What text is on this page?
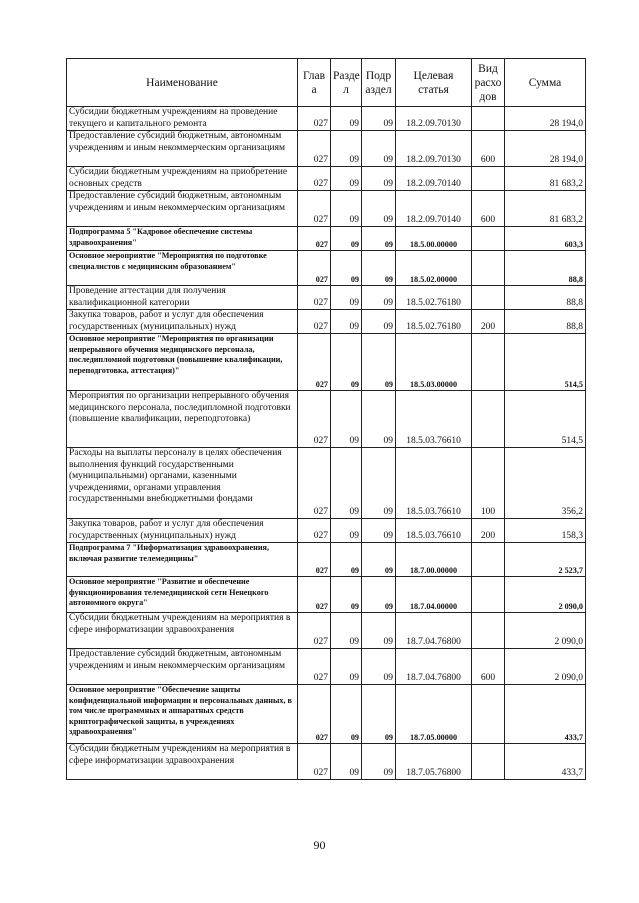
Наименование	Глав а	Разде л	Подр аздел	Целевая статья	Вид расхо дов	Сумма
Субсидии бюджетным учреждениям на проведение текущего и капитального ремонта	027	09	09	18.2.09.70130		28 194,0
Предоставление субсидий бюджетным, автономным учреждениям и иным некоммерческим организациям	027	09	09	18.2.09.70130	600	28 194,0
Субсидии бюджетным учреждениям на приобретение основных средств	027	09	09	18.2.09.70140		81 683,2
Предоставление субсидий бюджетным, автономным учреждениям и иным некоммерческим организациям	027	09	09	18.2.09.70140	600	81 683,2
Подпрограмма 5 "Кадровое обеспечение системы здравоохранения"	027	09	09	18.5.00.00000		603,3
Основное мероприятие "Мероприятия по подготовке специалистов с медицинским образованием"	027	09	09	18.5.02.00000		88,8
Проведение аттестации для получения квалификационной категории	027	09	09	18.5.02.76180		88,8
Закупка товаров, работ и услуг для обеспечения государственных (муниципальных) нужд	027	09	09	18.5.02.76180	200	88,8
Основное мероприятие "Мероприятия по организации непрерывного обучения медицинского персонала, последипломной подготовки (повышение квалификации, переподготовка, аттестация)"	027	09	09	18.5.03.00000		514,5
Мероприятия по организации непрерывного обучения медицинского персонала, последипломной подготовки (повышение квалификации, переподготовка)	027	09	09	18.5.03.76610		514,5
Расходы на выплаты персоналу в целях обеспечения выполнения функций государственными (муниципальными) органами, казенными учреждениями, органами управления государственными внебюджетными фондами	027	09	09	18.5.03.76610	100	356,2
Закупка товаров, работ и услуг для обеспечения государственных (муниципальных) нужд	027	09	09	18.5.03.76610	200	158,3
Подпрограмма 7 "Информатизация здравоохранения, включая развитие телемедицины"	027	09	09	18.7.00.00000		2 523,7
Основное мероприятие "Развитие и обеспечение функционирования телемедицинской сети Ненецкого автономного округа"	027	09	09	18.7.04.00000		2 090,0
Субсидии бюджетным учреждениям на мероприятия в сфере информатизации здравоохранения	027	09	09	18.7.04.76800		2 090,0
Предоставление субсидий бюджетным, автономным учреждениям и иным некоммерческим организациям	027	09	09	18.7.04.76800	600	2 090,0
Основное мероприятие "Обеспечение защиты конфиденциальной информации и персональных данных, в том числе программных и аппаратных средств криптографической защиты, в учреждениях здравоохранения"	027	09	09	18.7.05.00000		433,7
Субсидии бюджетным учреждениям на мероприятия в сфере информатизации здравоохранения	027	09	09	18.7.05.76800		433,7
90
